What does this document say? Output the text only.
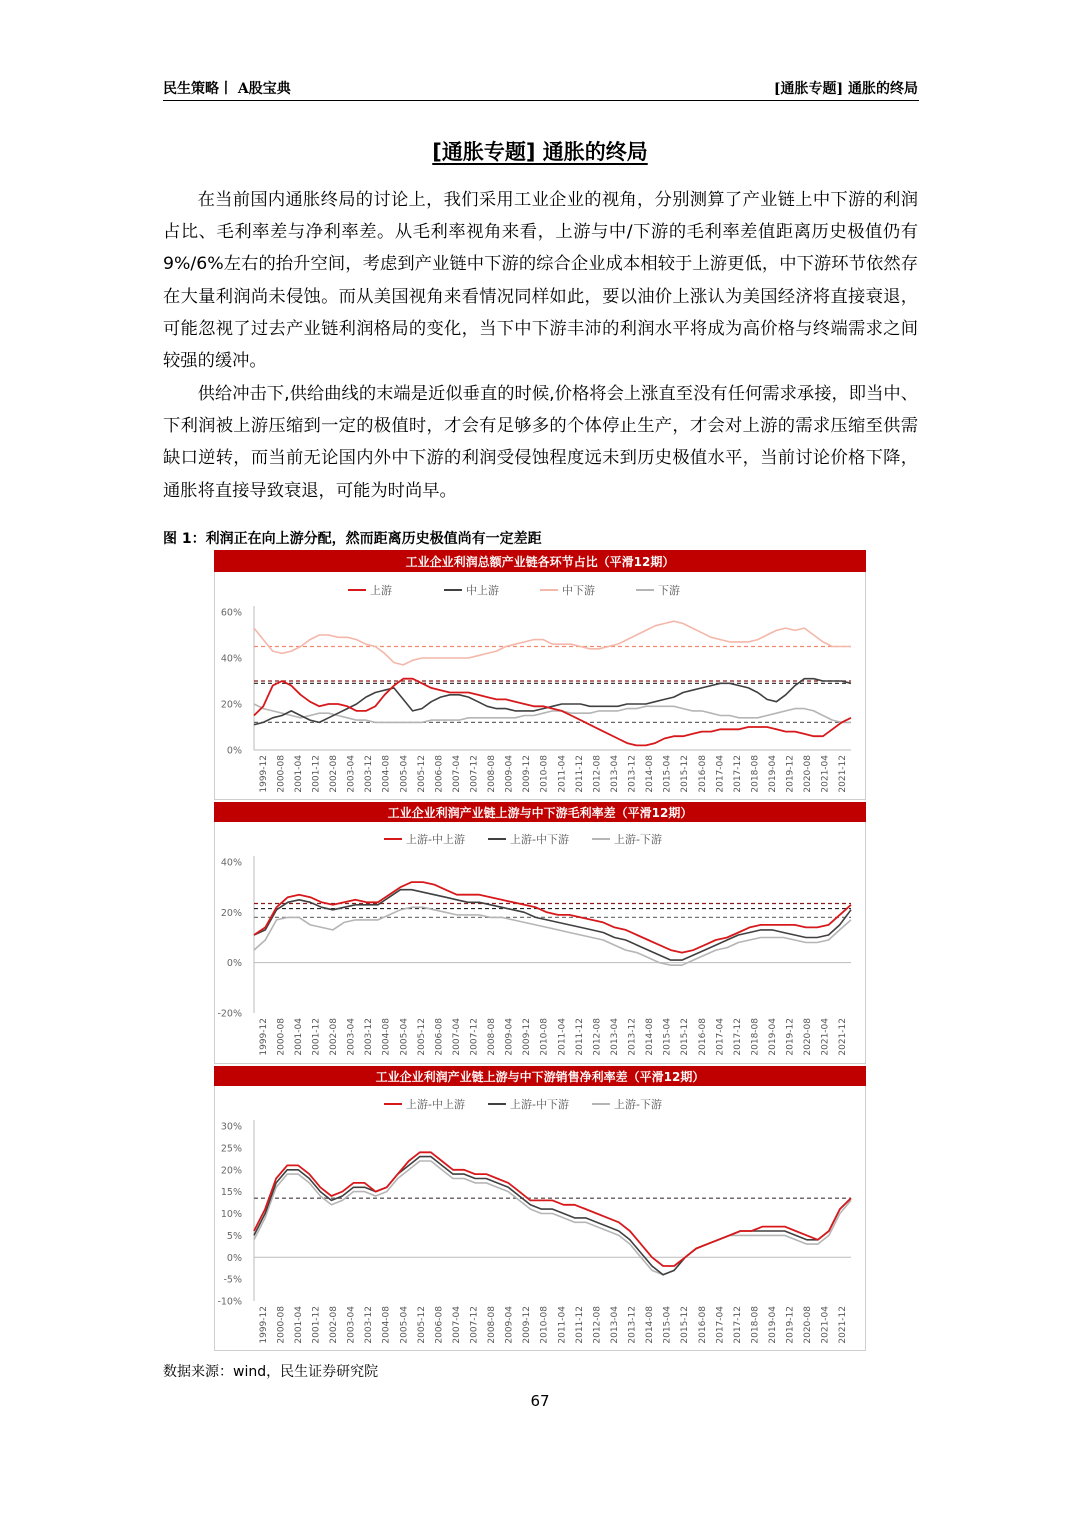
民生策略丨 A股宝典	[通胀专题] 通胀的终局
[通胀专题] 通胀的终局

在当前国内通胀终局的讨论上，我们采用工业企业的视角，分别测算了产业链上中下游的利润占比、毛利率差与净利率差。从毛利率视角来看，上游与中/下游的毛利率差值距离历史极值仍有 9%/6%左右的抬升空间，考虑到产业链中下游的综合企业成本相较于上游更低，中下游环节依然存在大量利润尚未侵蚀。而从美国视角来看情况同样如此，要以油价上涨认为美国经济将直接衰退，可能忽视了过去产业链利润格局的变化，当下中下游丰沛的利润水平将成为高价格与终端需求之间较强的缓冲。

供给冲击下,供给曲线的末端是近似垂直的时候,价格将会上涨直至没有任何需求承接，即当中、下利润被上游压缩到一定的极值时，才会有足够多的个体停止生产，才会对上游的需求压缩至供需缺口逆转，而当前无论国内外中下游的利润受侵蚀程度远未到历史极值水平，当前讨论价格下降，通胀将直接导致衰退，可能为时尚早。

图 1：利润正在向上游分配，然而距离历史极值尚有一定差距
工业企业利润总额产业链各环节占比（平滑12期）
上游	中上游	中下游	下游
0%
20%
40%
60%
1999-12 2000-08 2001-04 2001-12 2002-08 2003-04 2003-12 2004-08 2005-04 2005-12 2006-08 2007-04 2007-12 2008-08 2009-04 2009-12 2010-08 2011-04 2011-12 2012-08 2013-04 2013-12 2014-08 2015-04 2015-12 2016-08 2017-04 2017-12 2018-08 2019-04 2019-12 2020-08 2021-04 2021-12
工业企业利润产业链上游与中下游毛利率差（平滑12期）
上游-中上游	上游-中下游	上游-下游
-20%
0%
20%
40%
1999-12 2000-08 2001-04 2001-12 2002-08 2003-04 2003-12 2004-08 2005-04 2005-12 2006-08 2007-04 2007-12 2008-08 2009-04 2009-12 2010-08 2011-04 2011-12 2012-08 2013-04 2013-12 2014-08 2015-04 2015-12 2016-08 2017-04 2017-12 2018-08 2019-04 2019-12 2020-08 2021-04 2021-12
工业企业利润产业链上游与中下游销售净利率差（平滑12期）
上游-中上游	上游-中下游	上游-下游
-10%
-5%
0%
5%
10%
15%
20%
25%
30%
1999-12 2000-08 2001-04 2001-12 2002-08 2003-04 2003-12 2004-08 2005-04 2005-12 2006-08 2007-04 2007-12 2008-08 2009-04 2009-12 2010-08 2011-04 2011-12 2012-08 2013-04 2013-12 2014-08 2015-04 2015-12 2016-08 2017-04 2017-12 2018-08 2019-04 2019-12 2020-08 2021-04 2021-12
数据来源：wind，民生证券研究院
67
